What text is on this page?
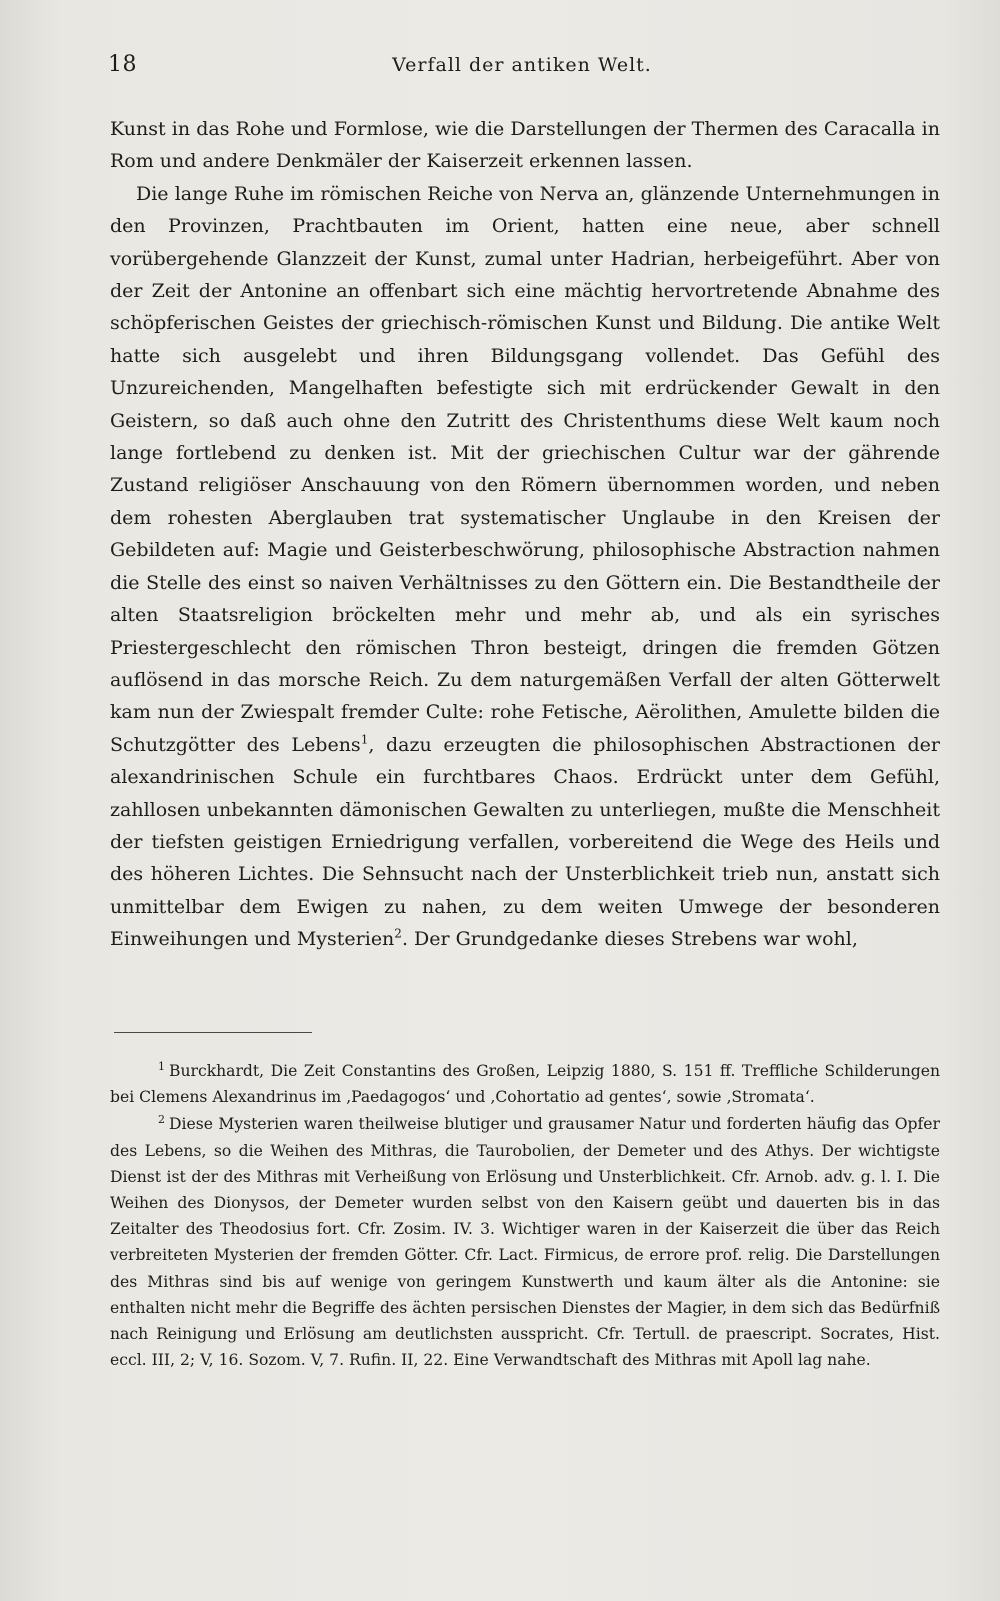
18	Verfall der antiken Welt.
Kunst in das Rohe und Formlose, wie die Darstellungen der Thermen des Caracalla in Rom und andere Denkmäler der Kaiserzeit erkennen lassen.
Die lange Ruhe im römischen Reiche von Nerva an, glänzende Unternehmungen in den Provinzen, Prachtbauten im Orient, hatten eine neue, aber schnell vorübergehende Glanzzeit der Kunst, zumal unter Hadrian, herbeigeführt. Aber von der Zeit der Antonine an offenbart sich eine mächtig hervortretende Abnahme des schöpferischen Geistes der griechisch-römischen Kunst und Bildung. Die antike Welt hatte sich ausgelebt und ihren Bildungsgang vollendet. Das Gefühl des Unzureichenden, Mangelhaften befestigte sich mit erdrückender Gewalt in den Geistern, so daß auch ohne den Zutritt des Christenthums diese Welt kaum noch lange fortlebend zu denken ist. Mit der griechischen Cultur war der gährende Zustand religiöser Anschauung von den Römern übernommen worden, und neben dem rohesten Aberglauben trat systematischer Unglaube in den Kreisen der Gebildeten auf: Magie und Geisterbeschwörung, philosophische Abstraction nahmen die Stelle des einst so naiven Verhältnisses zu den Göttern ein. Die Bestandtheile der alten Staatsreligion bröckelten mehr und mehr ab, und als ein syrisches Priestergeschlecht den römischen Thron besteigt, dringen die fremden Götzen auflösend in das morsche Reich. Zu dem naturgemäßen Verfall der alten Götterwelt kam nun der Zwiespalt fremder Culte: rohe Fetische, Aërolithen, Amulette bilden die Schutzgötter des Lebens$^1$, dazu erzeugten die philosophischen Abstractionen der alexandrinischen Schule ein furchtbares Chaos. Erdrückt unter dem Gefühl, zahllosen unbekannten dämonischen Gewalten zu unterliegen, mußte die Menschheit der tiefsten geistigen Erniedrigung verfallen, vorbereitend die Wege des Heils und des höheren Lichtes. Die Sehnsucht nach der Unsterblichkeit trieb nun, anstatt sich unmittelbar dem Ewigen zu nahen, zu dem weiten Umwege der besonderen Einweihungen und Mysterien$^2$. Der Grundgedanke dieses Strebens war wohl,

$^1$ Burckhardt, Die Zeit Constantins des Großen, Leipzig 1880, S. 151 ff. Treffliche Schilderungen bei Clemens Alexandrinus im ‚Paedagogos‘ und ‚Cohortatio ad gentes‘, sowie ‚Stromata‘.

$^2$ Diese Mysterien waren theilweise blutiger und grausamer Natur und forderten häufig das Opfer des Lebens, so die Weihen des Mithras, die Taurobolien, der Demeter und des Athys. Der wichtigste Dienst ist der des Mithras mit Verheißung von Erlösung und Unsterblichkeit. Cfr. Arnob. adv. g. l. I. Die Weihen des Dionysos, der Demeter wurden selbst von den Kaisern geübt und dauerten bis in das Zeitalter des Theodosius fort. Cfr. Zosim. IV. 3. Wichtiger waren in der Kaiserzeit die über das Reich verbreiteten Mysterien der fremden Götter. Cfr. Lact. Firmicus, de errore prof. relig. Die Darstellungen des Mithras sind bis auf wenige von geringem Kunstwerth und kaum älter als die Antonine: sie enthalten nicht mehr die Begriffe des ächten persischen Dienstes der Magier, in dem sich das Bedürfniß nach Reinigung und Erlösung am deutlichsten ausspricht. Cfr. Tertull. de praescript. Socrates, Hist. eccl. III, 2; V, 16. Sozom. V, 7. Rufin. II, 22. Eine Verwandtschaft des Mithras mit Apoll lag nahe.
